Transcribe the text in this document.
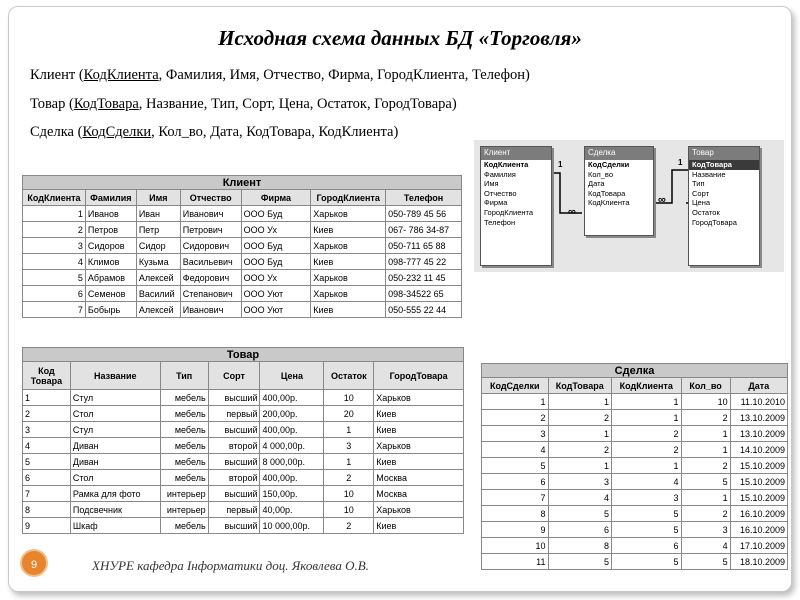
Исходная схема данных БД «Торговля»
Клиент (КодКлиента, Фамилия, Имя, Отчество, Фирма, ГородКлиента, Телефон)
Товар (КодТовара, Название, Тип, Сорт, Цена, Остаток, ГородТовара)
Сделка (КодСделки, Кол_во, Дата, КодТовара, КодКлиента)
1
∞
1
∞
Клиент
КодКлиента
Фамилия
Имя
Отчество
Фирма
ГородКлиента
Телефон
Сделка
КодСделки
Кол_во
Дата
КодТовара
КодКлиента
Товар
КодТовара
Название
Тип
Сорт
Цена
Остаток
ГородТовара
Клиент						
КодКлиента	Фамилия	Имя	Отчество	Фирма	ГородКлиента	Телефон
1	Иванов	Иван	Иванович	ООО Буд	Харьков	050-789 45 56
2	Петров	Петр	Петрович	ООО Ух	Киев	067- 786 34-87
3	Сидоров	Сидор	Сидорович	ООО Буд	Харьков	050-711 65 88
4	Климов	Кузьма	Васильевич	ООО Буд	Киев	098-777 45 22
5	Абрамов	Алексей	Федорович	ООО Ух	Харьков	050-232 11 45
6	Семенов	Василий	Степанович	ООО Уют	Харьков	098-34522 65
7	Бобырь	Алексей	Иванович	ООО Уют	Киев	050-555 22 44
Товар						
Код Товара	Название	Тип	Сорт	Цена	Остаток	ГородТовара
1	Стул	мебель	высший	400,00р.	10	Харьков
2	Стол	мебель	первый	200,00р.	20	Киев
3	Стул	мебель	высший	400,00р.	1	Киев
4	Диван	мебель	второй	4 000,00р.	3	Харьков
5	Диван	мебель	высший	8 000,00р.	1	Киев
6	Стол	мебель	второй	400,00р.	2	Москва
7	Рамка для фото	интерьер	высший	150,00р.	10	Москва
8	Подсвечник	интерьер	первый	40,00р.	10	Харьков
9	Шкаф	мебель	высший	10 000,00р.	2	Киев
Сделка				
КодСделки	КодТовара	КодКлиента	Кол_во	Дата
1	1	1	10	11.10.2010
2	2	1	2	13.10.2009
3	1	2	1	13.10.2009
4	2	2	1	14.10.2009
5	1	1	2	15.10.2009
6	3	4	5	15.10.2009
7	4	3	1	15.10.2009
8	5	5	2	16.10.2009
9	6	5	3	16.10.2009
10	8	6	4	17.10.2009
11	5	5	5	18.10.2009
9	ХНУРЕ кафедра Інформатики доц. Яковлева О.В.
